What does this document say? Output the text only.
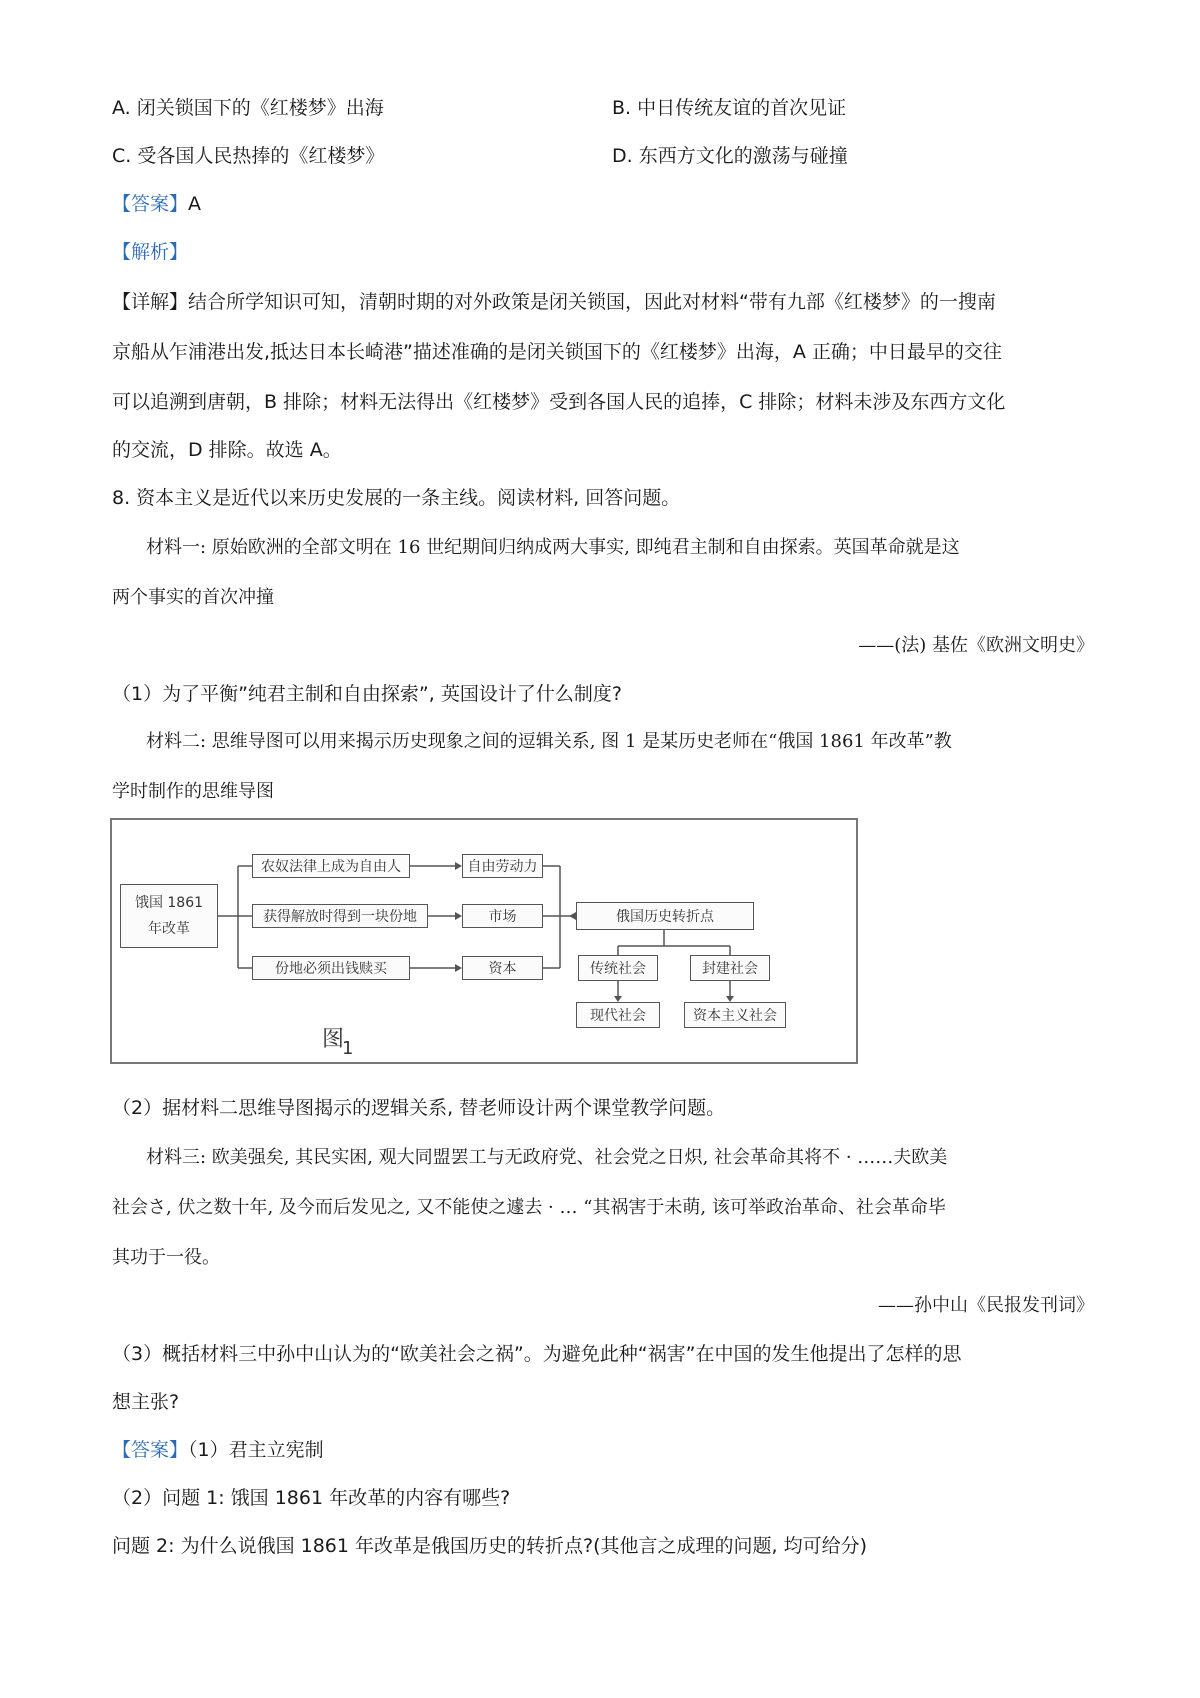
A. 闭关锁国下的《红楼梦》出海	B. 中日传统友谊的首次见证
C. 受各国人民热捧的《红楼梦》	D. 东西方文化的激荡与碰撞
【答案】A
【解析】
【详解】结合所学知识可知，清朝时期的对外政策是闭关锁国，因此对材料“带有九部《红楼梦》的一搜南
京船从乍浦港出发,抵达日本长崎港”描述准确的是闭关锁国下的《红楼梦》出海，A 正确；中日最早的交往
可以追溯到唐朝，B 排除；材料无法得出《红楼梦》受到各国人民的追捧，C 排除；材料未涉及东西方文化
的交流，D 排除。故选 A。
8. 资本主义是近代以来历史发展的一条主线。阅读材料, 回答问题。
材料一: 原始欧洲的全部文明在 16 世纪期间归纳成两大事实, 即纯君主制和自由探索。英国革命就是这
两个事实的首次冲撞
——(法) 基佐《欧洲文明史》
（1）为了平衡”纯君主制和自由探索”, 英国设计了什么制度?
材料二: 思维导图可以用来揭示历史现象之间的逗辑关系, 图 1 是某历史老师在“俄国 1861 年改革”教
学时制作的思维导图
饿国 1861
年改革
农奴法律上成为自由人
获得解放时得到一块份地
份地必须出钱赎买
自由劳动力
市场
资本
俄国历史转折点
传统社会	封建社会
现代社会	资本主义社会
图
1
（2）据材料二思维导图揭示的逻辑关系, 替老师设计两个课堂教学问题。
材料三: 欧美强矣, 其民实困, 观大同盟罢工与无政府党、社会党之日炽, 社会革命其将不 · ……夫欧美
社会さ, 伏之数十年, 及今而后发见之, 又不能使之遽去 · … “其祸害于未萌, 该可举政治革命、社会革命毕
其功于一役。
——孙中山《民报发刊词》
（3）概括材料三中孙中山认为的“欧美社会之祸”。为避免此种“祸害”在中国的发生他提出了怎样的思
想主张?
【答案】（1）君主立宪制
（2）问题 1: 饿国 1861 年改革的内容有哪些?
问题 2: 为什么说俄国 1861 年改革是俄国历史的转折点?(其他言之成理的问题, 均可给分)
